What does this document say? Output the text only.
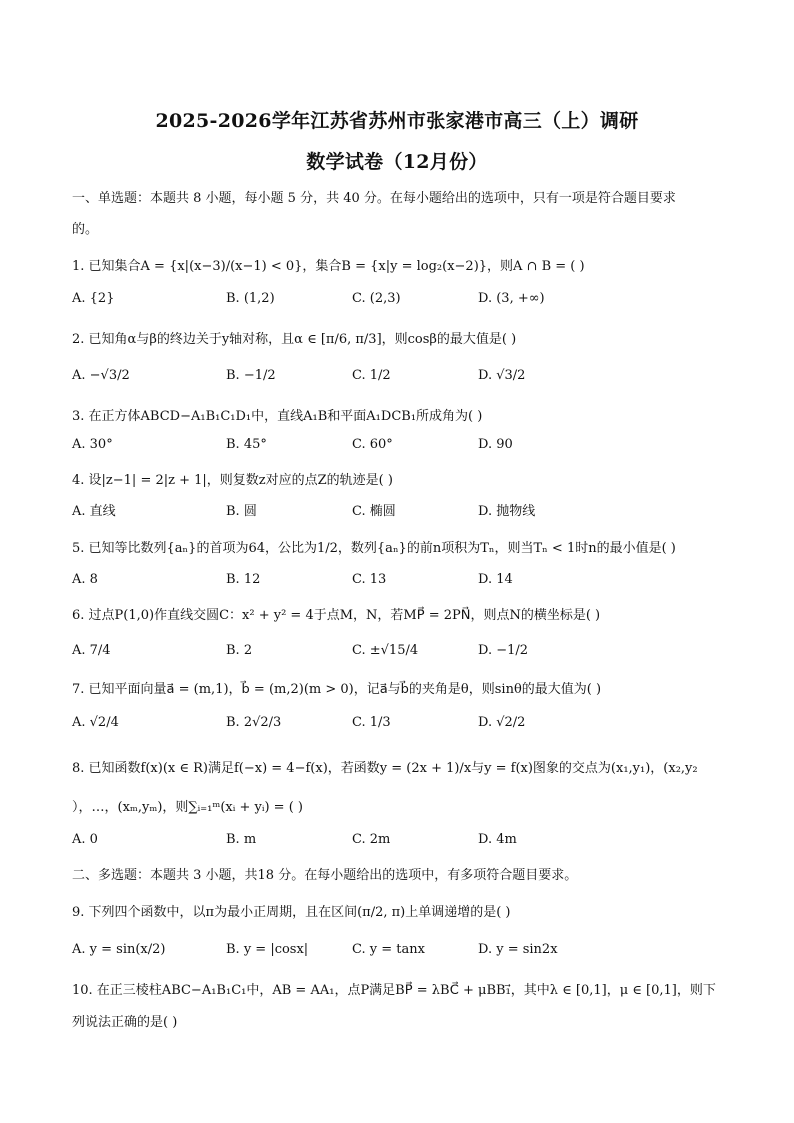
2025-2026学年江苏省苏州市张家港市高三（上）调研
数学试卷（12月份）
一、单选题：本题共 8 小题，每小题 5 分，共 40 分。在每小题给出的选项中，只有一项是符合题目要求
的。
1. 已知集合A = {x|(x−3)/(x−1) < 0}，集合B = {x|y = log₂(x−2)}，则A ∩ B = ( )
A. {2}	B. (1,2)	C. (2,3)	D. (3, +∞)
2. 已知角α与β的终边关于y轴对称，且α ∈ [π/6, π/3]，则cosβ的最大值是( )
A. −√3/2	B. −1/2	C. 1/2	D. √3/2
3. 在正方体ABCD−A₁B₁C₁D₁中，直线A₁B和平面A₁DCB₁所成角为( )
A. 30°	B. 45°	C. 60°	D. 90
4. 设|z−1| = 2|z + 1|，则复数z对应的点Z的轨迹是( )
A. 直线	B. 圆	C. 椭圆	D. 抛物线
5. 已知等比数列{aₙ}的首项为64，公比为1/2，数列{aₙ}的前n项积为Tₙ，则当Tₙ < 1时n的最小值是( )
A. 8	B. 12	C. 13	D. 14
6. 过点P(1,0)作直线交圆C：x² + y² = 4于点M，N，若MP⃗ = 2PN⃗，则点N的横坐标是( )
A. 7/4	B. 2	C. ±√15/4	D. −1/2
7. 已知平面向量a⃗ = (m,1)，b⃗ = (m,2)(m > 0)，记a⃗与b⃗的夹角是θ，则sinθ的最大值为( )
A. √2/4	B. 2√2/3	C. 1/3	D. √2/2
8. 已知函数f(x)(x ∈ R)满足f(−x) = 4−f(x)，若函数y = (2x + 1)/x与y = f(x)图象的交点为(x₁,y₁)，(x₂,y₂
），…，(xₘ,yₘ)，则∑ᵢ₌₁ᵐ(xᵢ + yᵢ) = ( )
A. 0	B. m	C. 2m	D. 4m
二、多选题：本题共 3 小题，共18 分。在每小题给出的选项中，有多项符合题目要求。
9. 下列四个函数中，以π为最小正周期，且在区间(π/2, π)上单调递增的是( )
A. y = sin(x/2)	B. y = |cosx|	C. y = tanx	D. y = sin2x
10. 在正三棱柱ABC−A₁B₁C₁中，AB = AA₁，点P满足BP⃗ = λBC⃗ + μBB₁⃗，其中λ ∈ [0,1]，μ ∈ [0,1]，则下
列说法正确的是( )
